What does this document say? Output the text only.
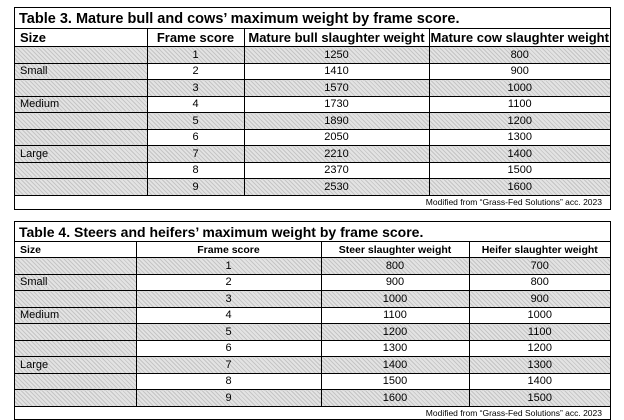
Table 3. Mature bull and cows’ maximum weight by frame score.
Size	Frame score	Mature bull slaughter weight	Mature cow slaughter weight
	1	1250	800
Small	2	1410	900
	3	1570	1000
Medium	4	1730	1100
	5	1890	1200
	6	2050	1300
Large	7	2210	1400
	8	2370	1500
	9	2530	1600
Modified from “Grass-Fed Solutions” acc. 2023
Table 4. Steers and heifers’ maximum weight by frame score.
Size	Frame score	Steer slaughter weight	Heifer slaughter weight
	1	800	700
Small	2	900	800
	3	1000	900
Medium	4	1100	1000
	5	1200	1100
	6	1300	1200
Large	7	1400	1300
	8	1500	1400
	9	1600	1500
Modified from “Grass-Fed Solutions” acc. 2023
